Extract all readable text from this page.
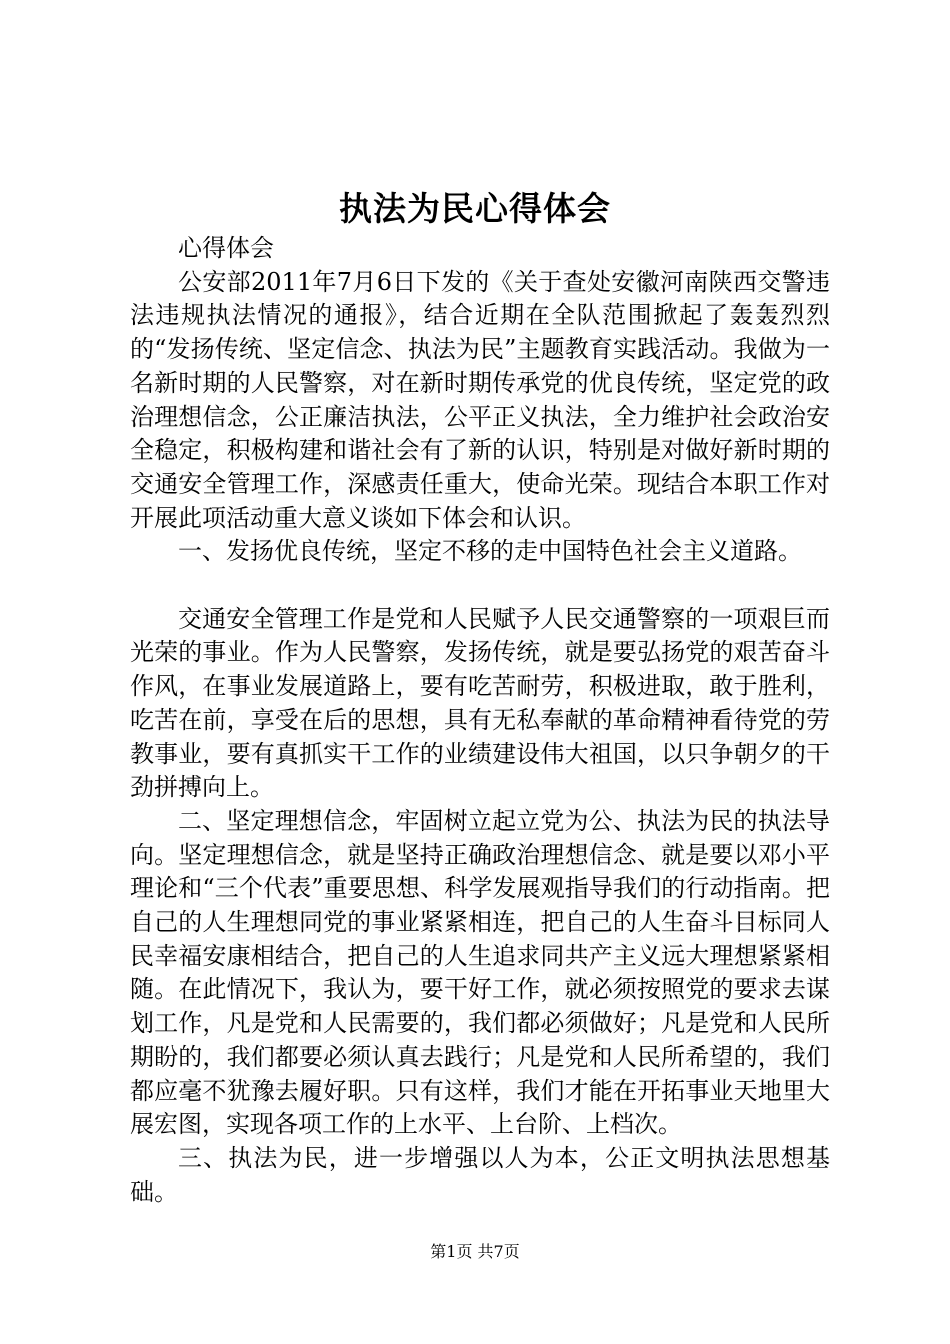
执法为民心得体会

心得体会

公安部2011年7月6日下发的《关于查处安徽河南陕西交警违法违规执法情况的通报》，结合近期在全队范围掀起了轰轰烈烈的“发扬传统、坚定信念、执法为民”主题教育实践活动。我做为一名新时期的人民警察，对在新时期传承党的优良传统，坚定党的政治理想信念，公正廉洁执法，公平正义执法，全力维护社会政治安全稳定，积极构建和谐社会有了新的认识，特别是对做好新时期的交通安全管理工作，深感责任重大，使命光荣。现结合本职工作对开展此项活动重大意义谈如下体会和认识。

一、发扬优良传统，坚定不移的走中国特色社会主义道路。

交通安全管理工作是党和人民赋予人民交通警察的一项艰巨而光荣的事业。作为人民警察，发扬传统，就是要弘扬党的艰苦奋斗作风，在事业发展道路上，要有吃苦耐劳，积极进取，敢于胜利，吃苦在前，享受在后的思想，具有无私奉献的革命精神看待党的劳教事业，要有真抓实干工作的业绩建设伟大祖国，以只争朝夕的干劲拼搏向上。

二、坚定理想信念，牢固树立起立党为公、执法为民的执法导向。坚定理想信念，就是坚持正确政治理想信念、就是要以邓小平理论和“三个代表”重要思想、科学发展观指导我们的行动指南。把自己的人生理想同党的事业紧紧相连，把自己的人生奋斗目标同人民幸福安康相结合，把自己的人生追求同共产主义远大理想紧紧相随。在此情况下，我认为，要干好工作，就必须按照党的要求去谋划工作，凡是党和人民需要的，我们都必须做好；凡是党和人民所期盼的，我们都要必须认真去践行；凡是党和人民所希望的，我们都应毫不犹豫去履好职。只有这样，我们才能在开拓事业天地里大展宏图，实现各项工作的上水平、上台阶、上档次。

三、执法为民，进一步增强以人为本，公正文明执法思想基础。

第1页 共7页
